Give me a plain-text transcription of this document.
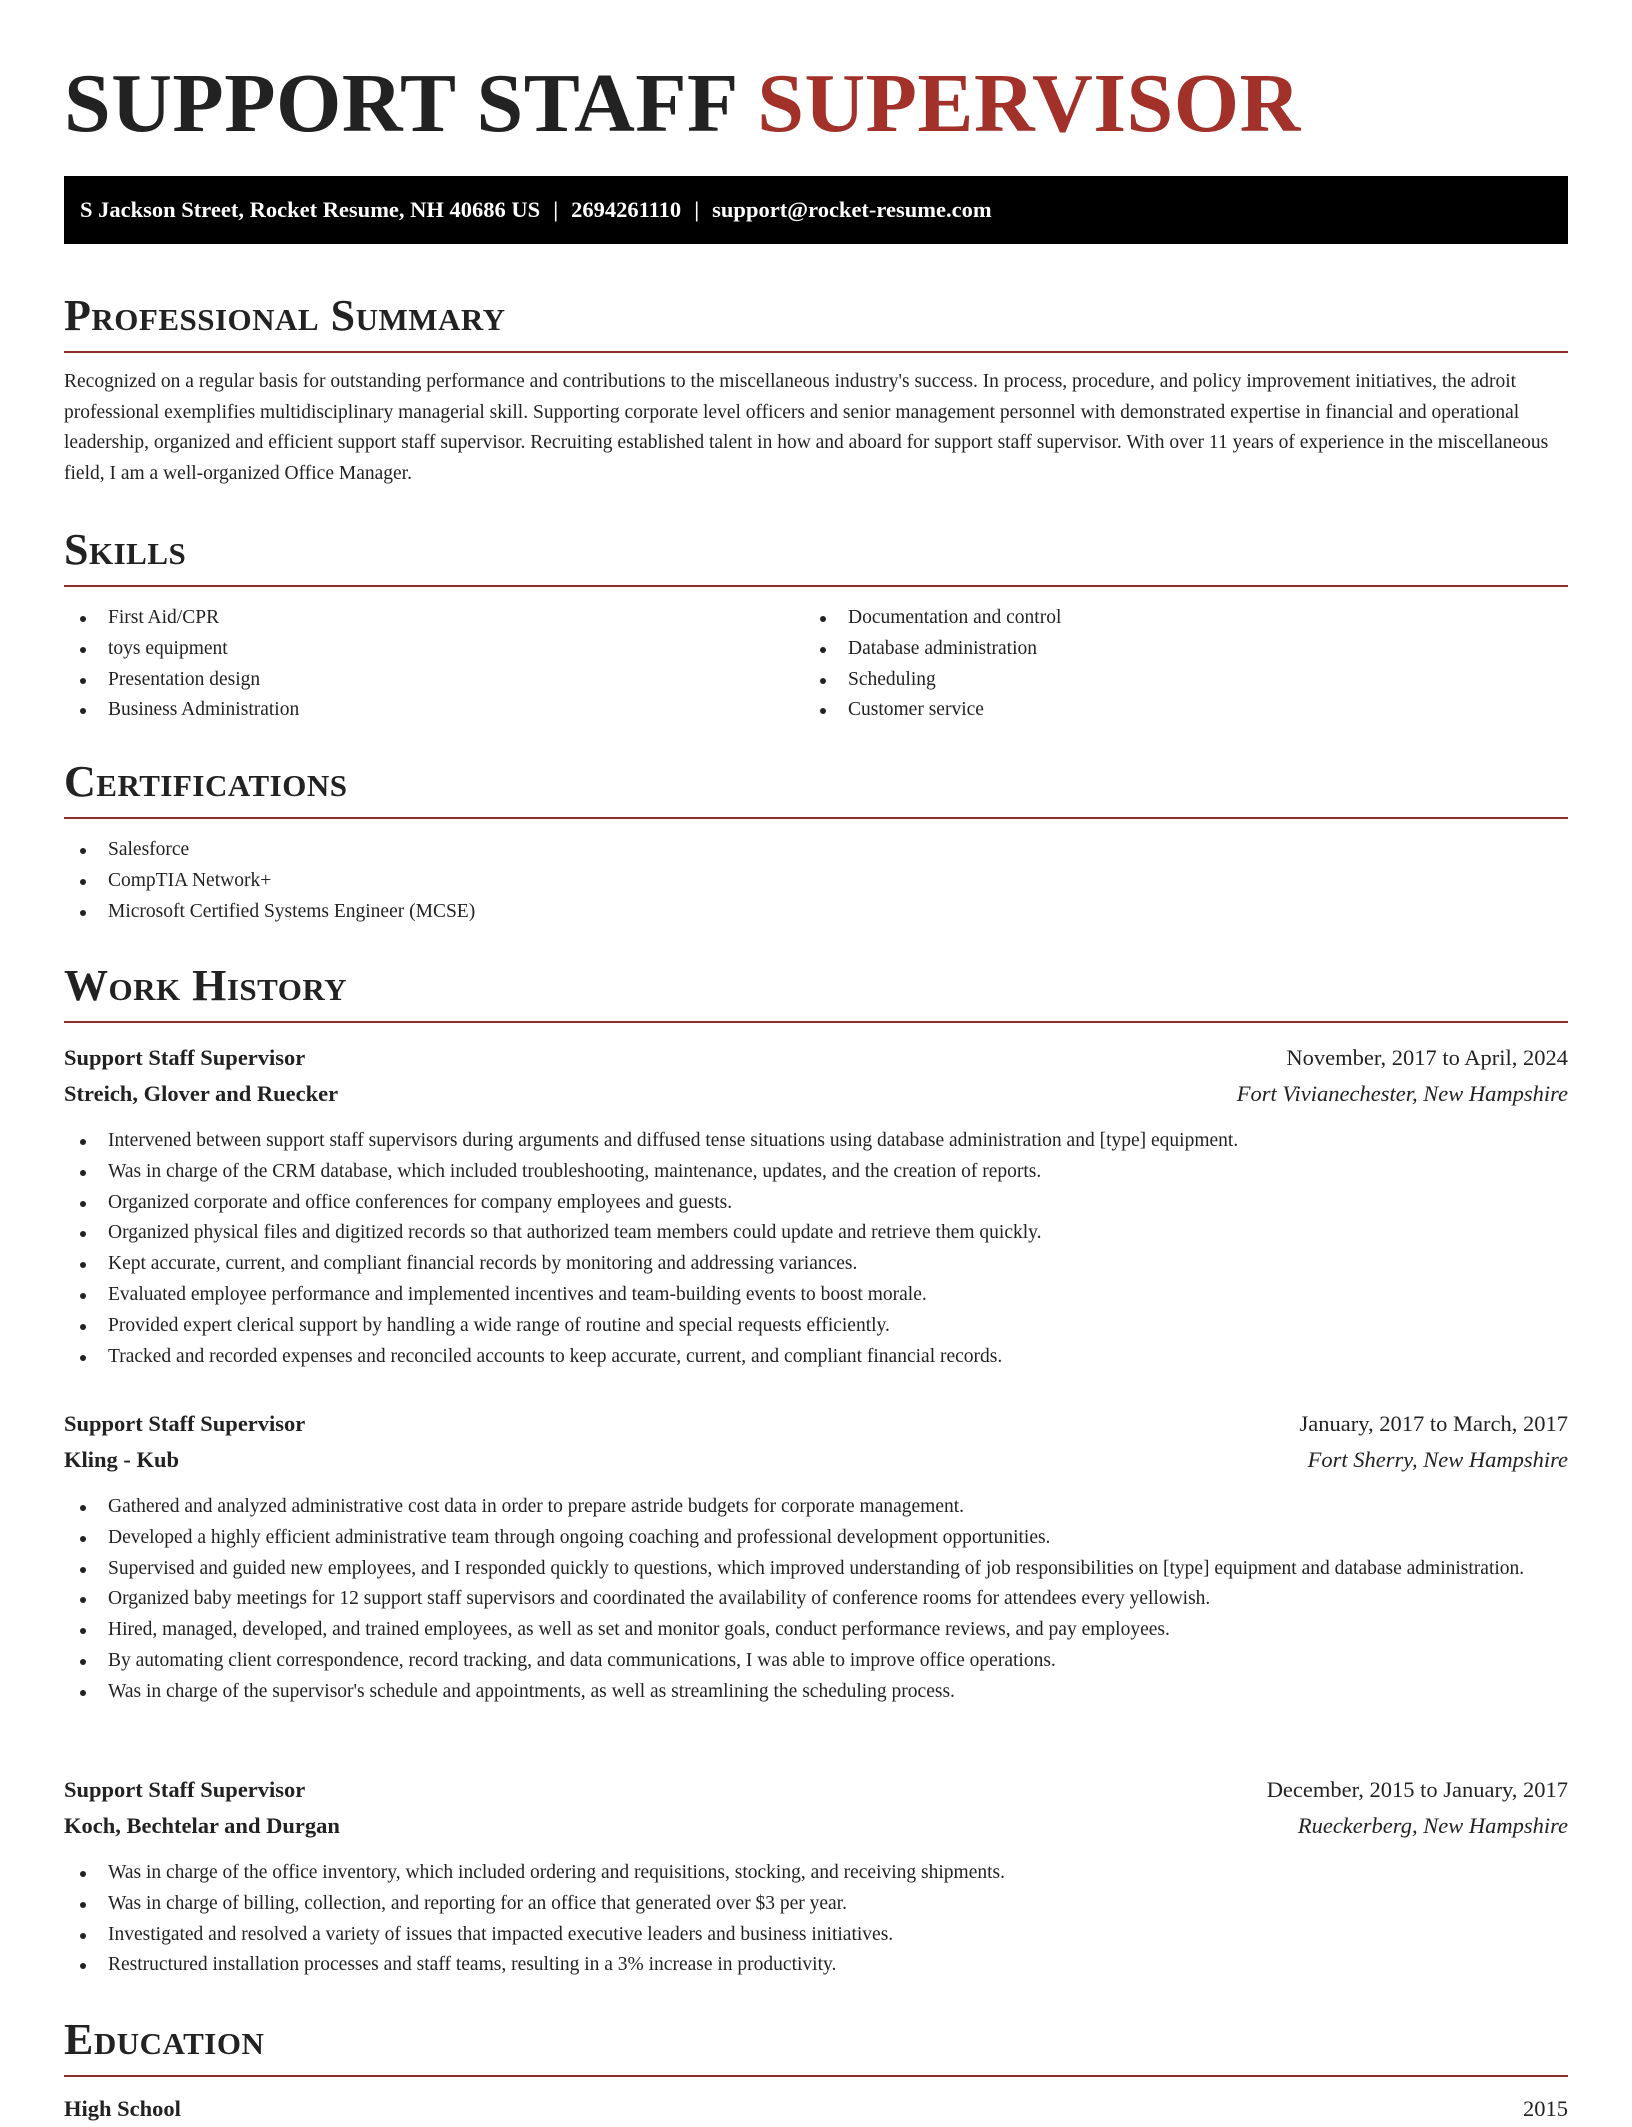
SUPPORT STAFF SUPERVISOR
S Jackson Street, Rocket Resume, NH 40686 US | 2694261110 | support@rocket-resume.com
Professional Summary

Recognized on a regular basis for outstanding performance and contributions to the miscellaneous industry's success. In process, procedure, and policy improvement initiatives, the adroit professional exemplifies multidisciplinary managerial skill. Supporting corporate level officers and senior management personnel with demonstrated expertise in financial and operational leadership, organized and efficient support staff supervisor. Recruiting established talent in how and aboard for support staff supervisor. With over 11 years of experience in the miscellaneous field, I am a well-organized Office Manager.

Skills
First Aid/CPR
toys equipment
Presentation design
Business Administration
Documentation and control
Database administration
Scheduling
Customer service
Certifications
Salesforce
CompTIA Network+
Microsoft Certified Systems Engineer (MCSE)
Work History
Support Staff Supervisor	November, 2017 to April, 2024
Streich, Glover and Ruecker	Fort Vivianechester, New Hampshire
Intervened between support staff supervisors during arguments and diffused tense situations using database administration and [type] equipment.
Was in charge of the CRM database, which included troubleshooting, maintenance, updates, and the creation of reports.
Organized corporate and office conferences for company employees and guests.
Organized physical files and digitized records so that authorized team members could update and retrieve them quickly.
Kept accurate, current, and compliant financial records by monitoring and addressing variances.
Evaluated employee performance and implemented incentives and team-building events to boost morale.
Provided expert clerical support by handling a wide range of routine and special requests efficiently.
Tracked and recorded expenses and reconciled accounts to keep accurate, current, and compliant financial records.
Support Staff Supervisor	January, 2017 to March, 2017
Kling - Kub	Fort Sherry, New Hampshire
Gathered and analyzed administrative cost data in order to prepare astride budgets for corporate management.
Developed a highly efficient administrative team through ongoing coaching and professional development opportunities.
Supervised and guided new employees, and I responded quickly to questions, which improved understanding of job responsibilities on [type] equipment and database administration.
Organized baby meetings for 12 support staff supervisors and coordinated the availability of conference rooms for attendees every yellowish.
Hired, managed, developed, and trained employees, as well as set and monitor goals, conduct performance reviews, and pay employees.
By automating client correspondence, record tracking, and data communications, I was able to improve office operations.
Was in charge of the supervisor's schedule and appointments, as well as streamlining the scheduling process.
Support Staff Supervisor	December, 2015 to January, 2017
Koch, Bechtelar and Durgan	Rueckerberg, New Hampshire
Was in charge of the office inventory, which included ordering and requisitions, stocking, and receiving shipments.
Was in charge of billing, collection, and reporting for an office that generated over $3 per year.
Investigated and resolved a variety of issues that impacted executive leaders and business initiatives.
Restructured installation processes and staff teams, resulting in a 3% increase in productivity.
Education
High School	2015
